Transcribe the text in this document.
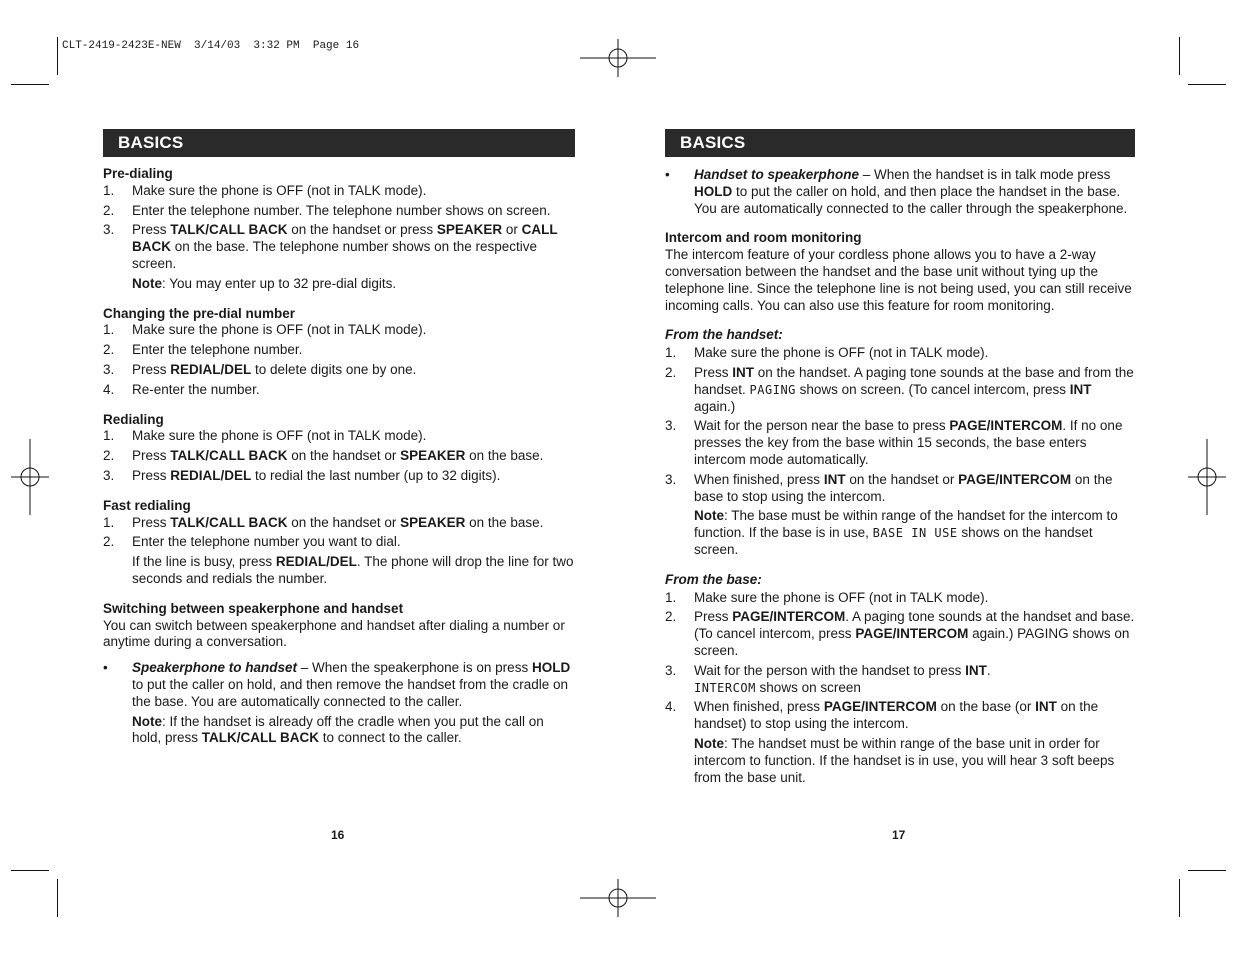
CLT-2419-2423E-NEW  3/14/03  3:32 PM  Page 16
BASICS

Pre-dialing

1. Make sure the phone is OFF (not in TALK mode).
2. Enter the telephone number. The telephone number shows on screen.
3. Press TALK/CALL BACK on the handset or press SPEAKER or CALL BACK on the base. The telephone number shows on the respective screen.

Note: You may enter up to 32 pre-dial digits.

Changing the pre-dial number

1. Make sure the phone is OFF (not in TALK mode).
2. Enter the telephone number.
3. Press REDIAL/DEL to delete digits one by one.
4. Re-enter the number.

Redialing

1. Make sure the phone is OFF (not in TALK mode).
2. Press TALK/CALL BACK on the handset or SPEAKER on the base.
3. Press REDIAL/DEL to redial the last number (up to 32 digits).

Fast redialing

1. Press TALK/CALL BACK on the handset or SPEAKER on the base.
2. Enter the telephone number you want to dial.

If the line is busy, press REDIAL/DEL. The phone will drop the line for two seconds and redials the number.

Switching between speakerphone and handset

You can switch between speakerphone and handset after dialing a number or anytime during a conversation.

• Speakerphone to handset – When the speakerphone is on press HOLD to put the caller on hold, and then remove the handset from the cradle on the base. You are automatically connected to the caller.

Note: If the handset is already off the cradle when you put the call on hold, press TALK/CALL BACK to connect to the caller.

16
BASICS
• Handset to speakerphone – When the handset is in talk mode press HOLD to put the caller on hold, and then place the handset in the base. You are automatically connected to the caller through the speakerphone.

Intercom and room monitoring

The intercom feature of your cordless phone allows you to have a 2-way conversation between the handset and the base unit without tying up the telephone line. Since the telephone line is not being used, you can still receive incoming calls. You can also use this feature for room monitoring.

From the handset:

1. Make sure the phone is OFF (not in TALK mode).
2. Press INT on the handset. A paging tone sounds at the base and from the handset. PAGING shows on screen. (To cancel intercom, press INT again.)
3. Wait for the person near the base to press PAGE/INTERCOM. If no one presses the key from the base within 15 seconds, the base enters intercom mode automatically.
3. When finished, press INT on the handset or PAGE/INTERCOM on the base to stop using the intercom.

Note: The base must be within range of the handset for the intercom to function. If the base is in use, BASE IN USE shows on the handset screen.

From the base:

1. Make sure the phone is OFF (not in TALK mode).
2. Press PAGE/INTERCOM. A paging tone sounds at the handset and base. (To cancel intercom, press PAGE/INTERCOM again.) PAGING shows on screen.
3. Wait for the person with the handset to press INT.
INTERCOM shows on screen
4. When finished, press PAGE/INTERCOM on the base (or INT on the handset) to stop using the intercom.

Note: The handset must be within range of the base unit in order for intercom to function. If the handset is in use, you will hear 3 soft beeps from the base unit.

17
